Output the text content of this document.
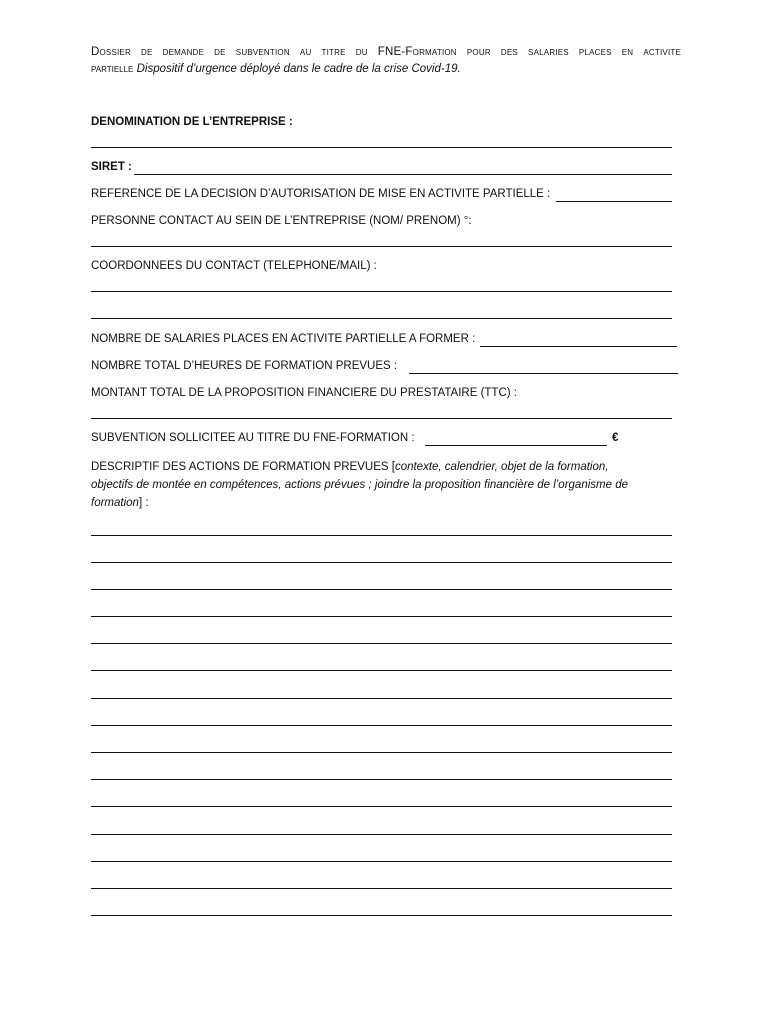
Dossier de demande de subvention au titre du FNE-Formation pour des salaries places en activite
partielle Dispositif d’urgence déployé dans le cadre de la crise Covid-19.
DENOMINATION DE L’ENTREPRISE :
SIRET :
REFERENCE DE LA DECISION D’AUTORISATION DE MISE EN ACTIVITE PARTIELLE :
PERSONNE CONTACT AU SEIN DE L’ENTREPRISE (NOM/ PRENOM) °:
COORDONNEES DU CONTACT (TELEPHONE/MAIL) :
NOMBRE DE SALARIES PLACES EN ACTIVITE PARTIELLE A FORMER :
NOMBRE TOTAL D’HEURES DE FORMATION PREVUES :
MONTANT TOTAL DE LA PROPOSITION FINANCIERE DU PRESTATAIRE (TTC) :
SUBVENTION SOLLICITEE AU TITRE DU FNE-FORMATION :	€
DESCRIPTIF DES ACTIONS DE FORMATION PREVUES [contexte, calendrier, objet de la formation, objectifs de montée en compétences, actions prévues ; joindre la proposition financière de l’organisme de formation] :
